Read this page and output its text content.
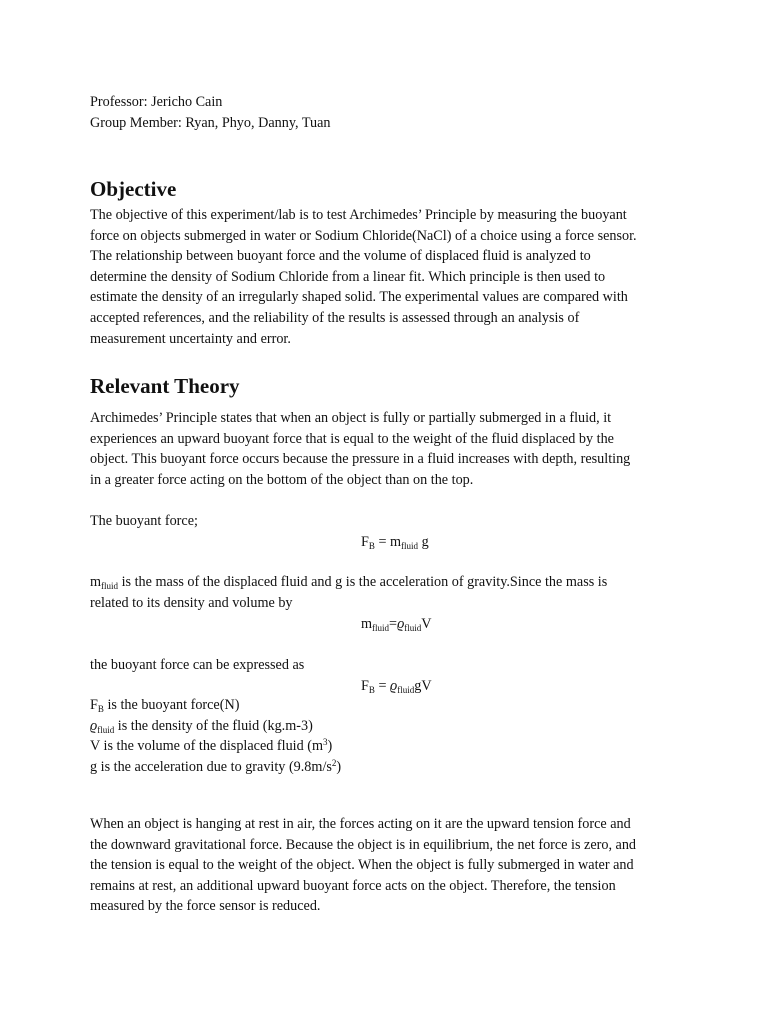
Professor: Jericho Cain
Group Member: Ryan, Phyo, Danny, Tuan
Objective
The objective of this experiment/lab is to test Archimedes’ Principle by measuring the buoyant
force on objects submerged in water or Sodium Chloride(NaCl) of a choice using a force sensor.
The relationship between buoyant force and the volume of displaced fluid is analyzed to
determine the density of Sodium Chloride from a linear fit. Which principle is then used to
estimate the density of an irregularly shaped solid. The experimental values are compared with
accepted references, and the reliability of the results is assessed through an analysis of
measurement uncertainty and error.
Relevant Theory
Archimedes’ Principle states that when an object is fully or partially submerged in a fluid, it
experiences an upward buoyant force that is equal to the weight of the fluid displaced by the
object. This buoyant force occurs because the pressure in a fluid increases with depth, resulting
in a greater force acting on the bottom of the object than on the top.
The buoyant force;
$F_B = m_{fluid}$ g
$m_{fluid}$ is the mass of the displaced fluid and g is the acceleration of gravity.Since the mass is
related to its density and volume by
$m_{fluid}=ϱ_{fluid}V$
the buoyant force can be expressed as
$F_B = ϱ_{fluid}gV$
$F_B$ is the buoyant force(N)
$ϱ_{fluid}$ is the density of the fluid (kg.m-3)
V is the volume of the displaced fluid $(m^3)$
g is the acceleration due to gravity $(9.8m/s^2)$
When an object is hanging at rest in air, the forces acting on it are the upward tension force and
the downward gravitational force. Because the object is in equilibrium, the net force is zero, and
the tension is equal to the weight of the object. When the object is fully submerged in water and
remains at rest, an additional upward buoyant force acts on the object. Therefore, the tension
measured by the force sensor is reduced.
